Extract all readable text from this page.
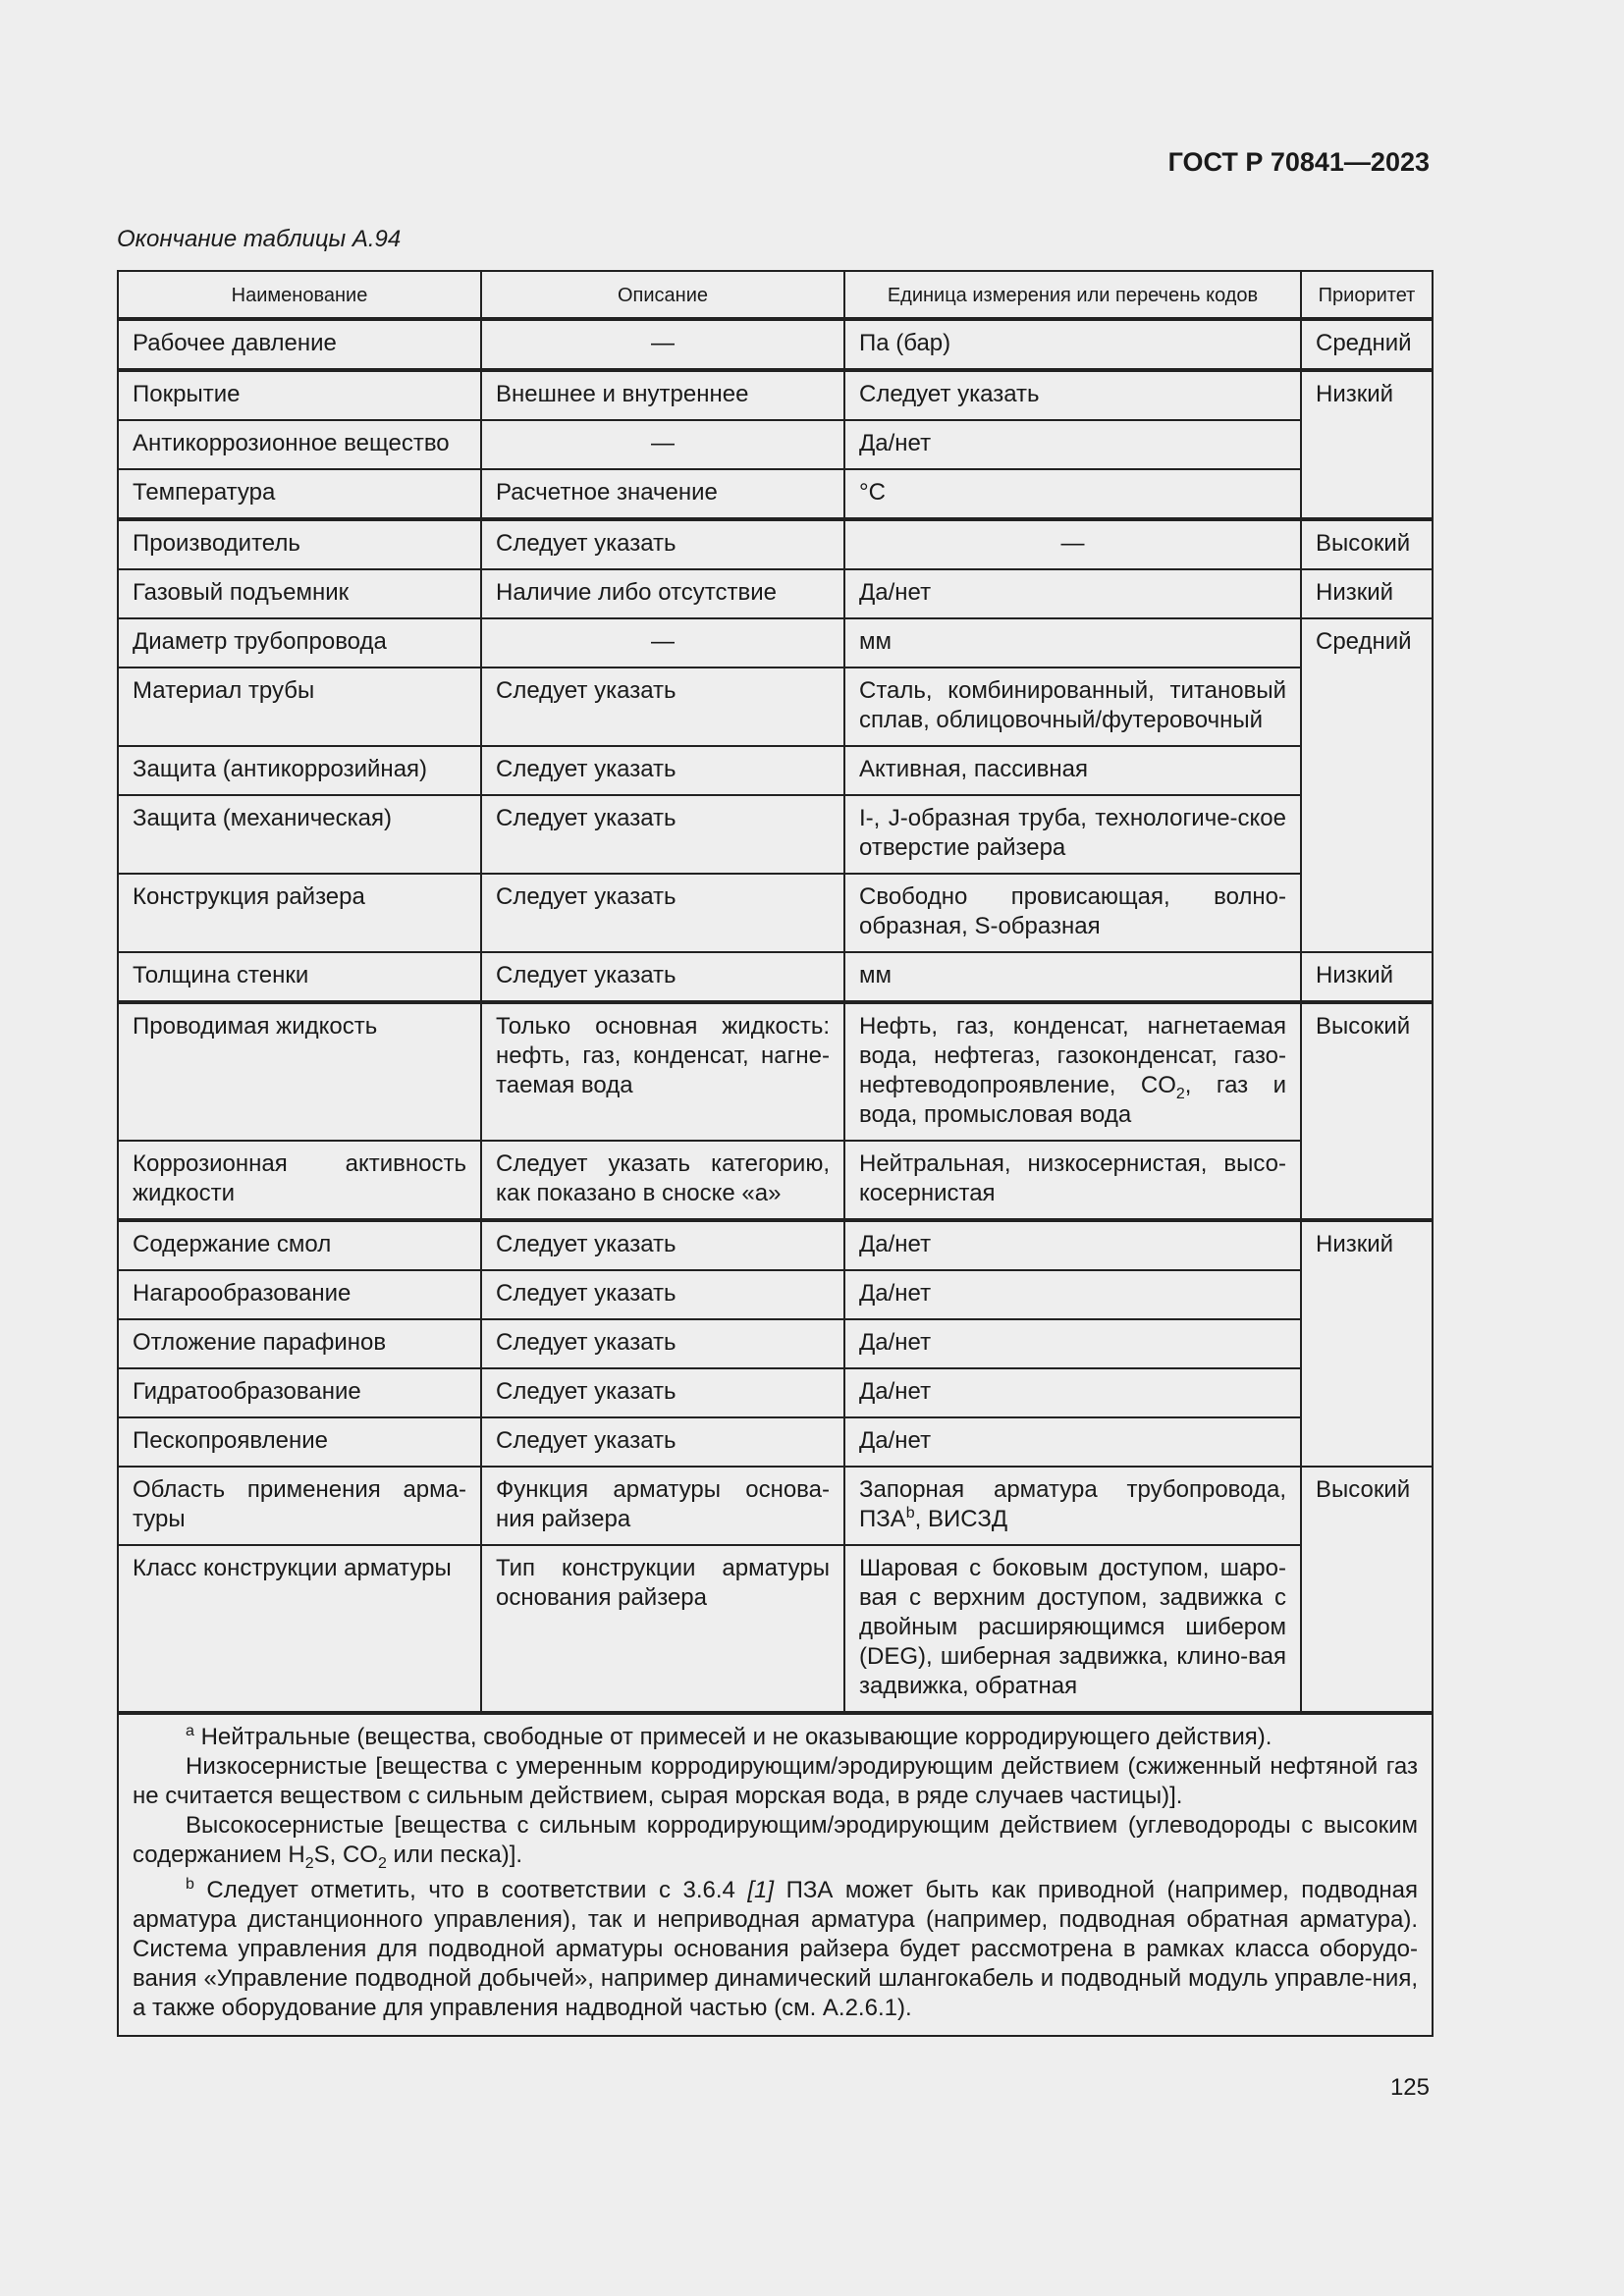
ГОСТ Р 70841—2023
Окончание таблицы А.94
Наименование	Описание	Единица измерения или перечень кодов	Приоритет
Рабочее давление	—	Па (бар)	Средний
Покрытие	Внешнее и внутреннее	Следует указать	Низкий
Антикоррозионное вещество	—	Да/нет	
Температура	Расчетное значение	°C	
Производитель	Следует указать	—	Высокий
Газовый подъемник	Наличие либо отсутствие	Да/нет	Низкий
Диаметр трубопровода	—	мм	Средний
Материал трубы	Следует указать	Сталь, комбинированный, титановый сплав, облицовочный/футеровочный	
Защита (антикоррозийная)	Следует указать	Активная, пассивная	
Защита (механическая)	Следует указать	I-, J-образная труба, технологиче-ское отверстие райзера	
Конструкция райзера	Следует указать	Свободно провисающая, волно-образная, S-образная	
Толщина стенки	Следует указать	мм	Низкий
Проводимая жидкость	Только основная жидкость: нефть, газ, конденсат, нагне-таемая вода	Нефть, газ, конденсат, нагнетаемая вода, нефтегаз, газоконденсат, газо-нефтеводопроявление, $CO_2$, газ и вода, промысловая вода	Высокий
Коррозионная активность жидкости	Следует указать категорию, как показано в сноске «а»	Нейтральная, низкосернистая, высо-косернистая	
Содержание смол	Следует указать	Да/нет	Низкий
Нагарообразование	Следует указать	Да/нет	
Отложение парафинов	Следует указать	Да/нет	
Гидратообразование	Следует указать	Да/нет	
Пескопроявление	Следует указать	Да/нет	
Область применения арма-туры	Функция арматуры основа-ния райзера	Запорная арматура трубопровода, ПЗА$^b$, ВИСЗД	Высокий
Класс конструкции арматуры	Тип конструкции арматуры основания райзера	Шаровая с боковым доступом, шаро-вая с верхним доступом, задвижка с двойным расширяющимся шибером (DEG), шиберная задвижка, клино-вая задвижка, обратная	

$^a$ Нейтральные (вещества, свободные от примесей и не оказывающие корродирующего действия).

Низкосернистые [вещества с умеренным корродирующим/эродирующим действием (сжиженный нефтяной газ не считается веществом с сильным действием, сырая морская вода, в ряде случаев частицы)].

Высокосернистые [вещества с сильным корродирующим/эродирующим действием (углеводороды с высоким содержанием $H_2S$, $CO_2$ или песка)].

$^b$ Следует отметить, что в соответствии с 3.6.4 [1] ПЗА может быть как приводной (например, подводная арматура дистанционного управления), так и неприводная арматура (например, подводная обратная арматура). Система управления для подводной арматуры основания райзера будет рассмотрена в рамках класса оборудо-вания «Управление подводной добычей», например динамический шлангокабель и подводный модуль управле-ния, а также оборудование для управления надводной частью (см. А.2.6.1).			

125
